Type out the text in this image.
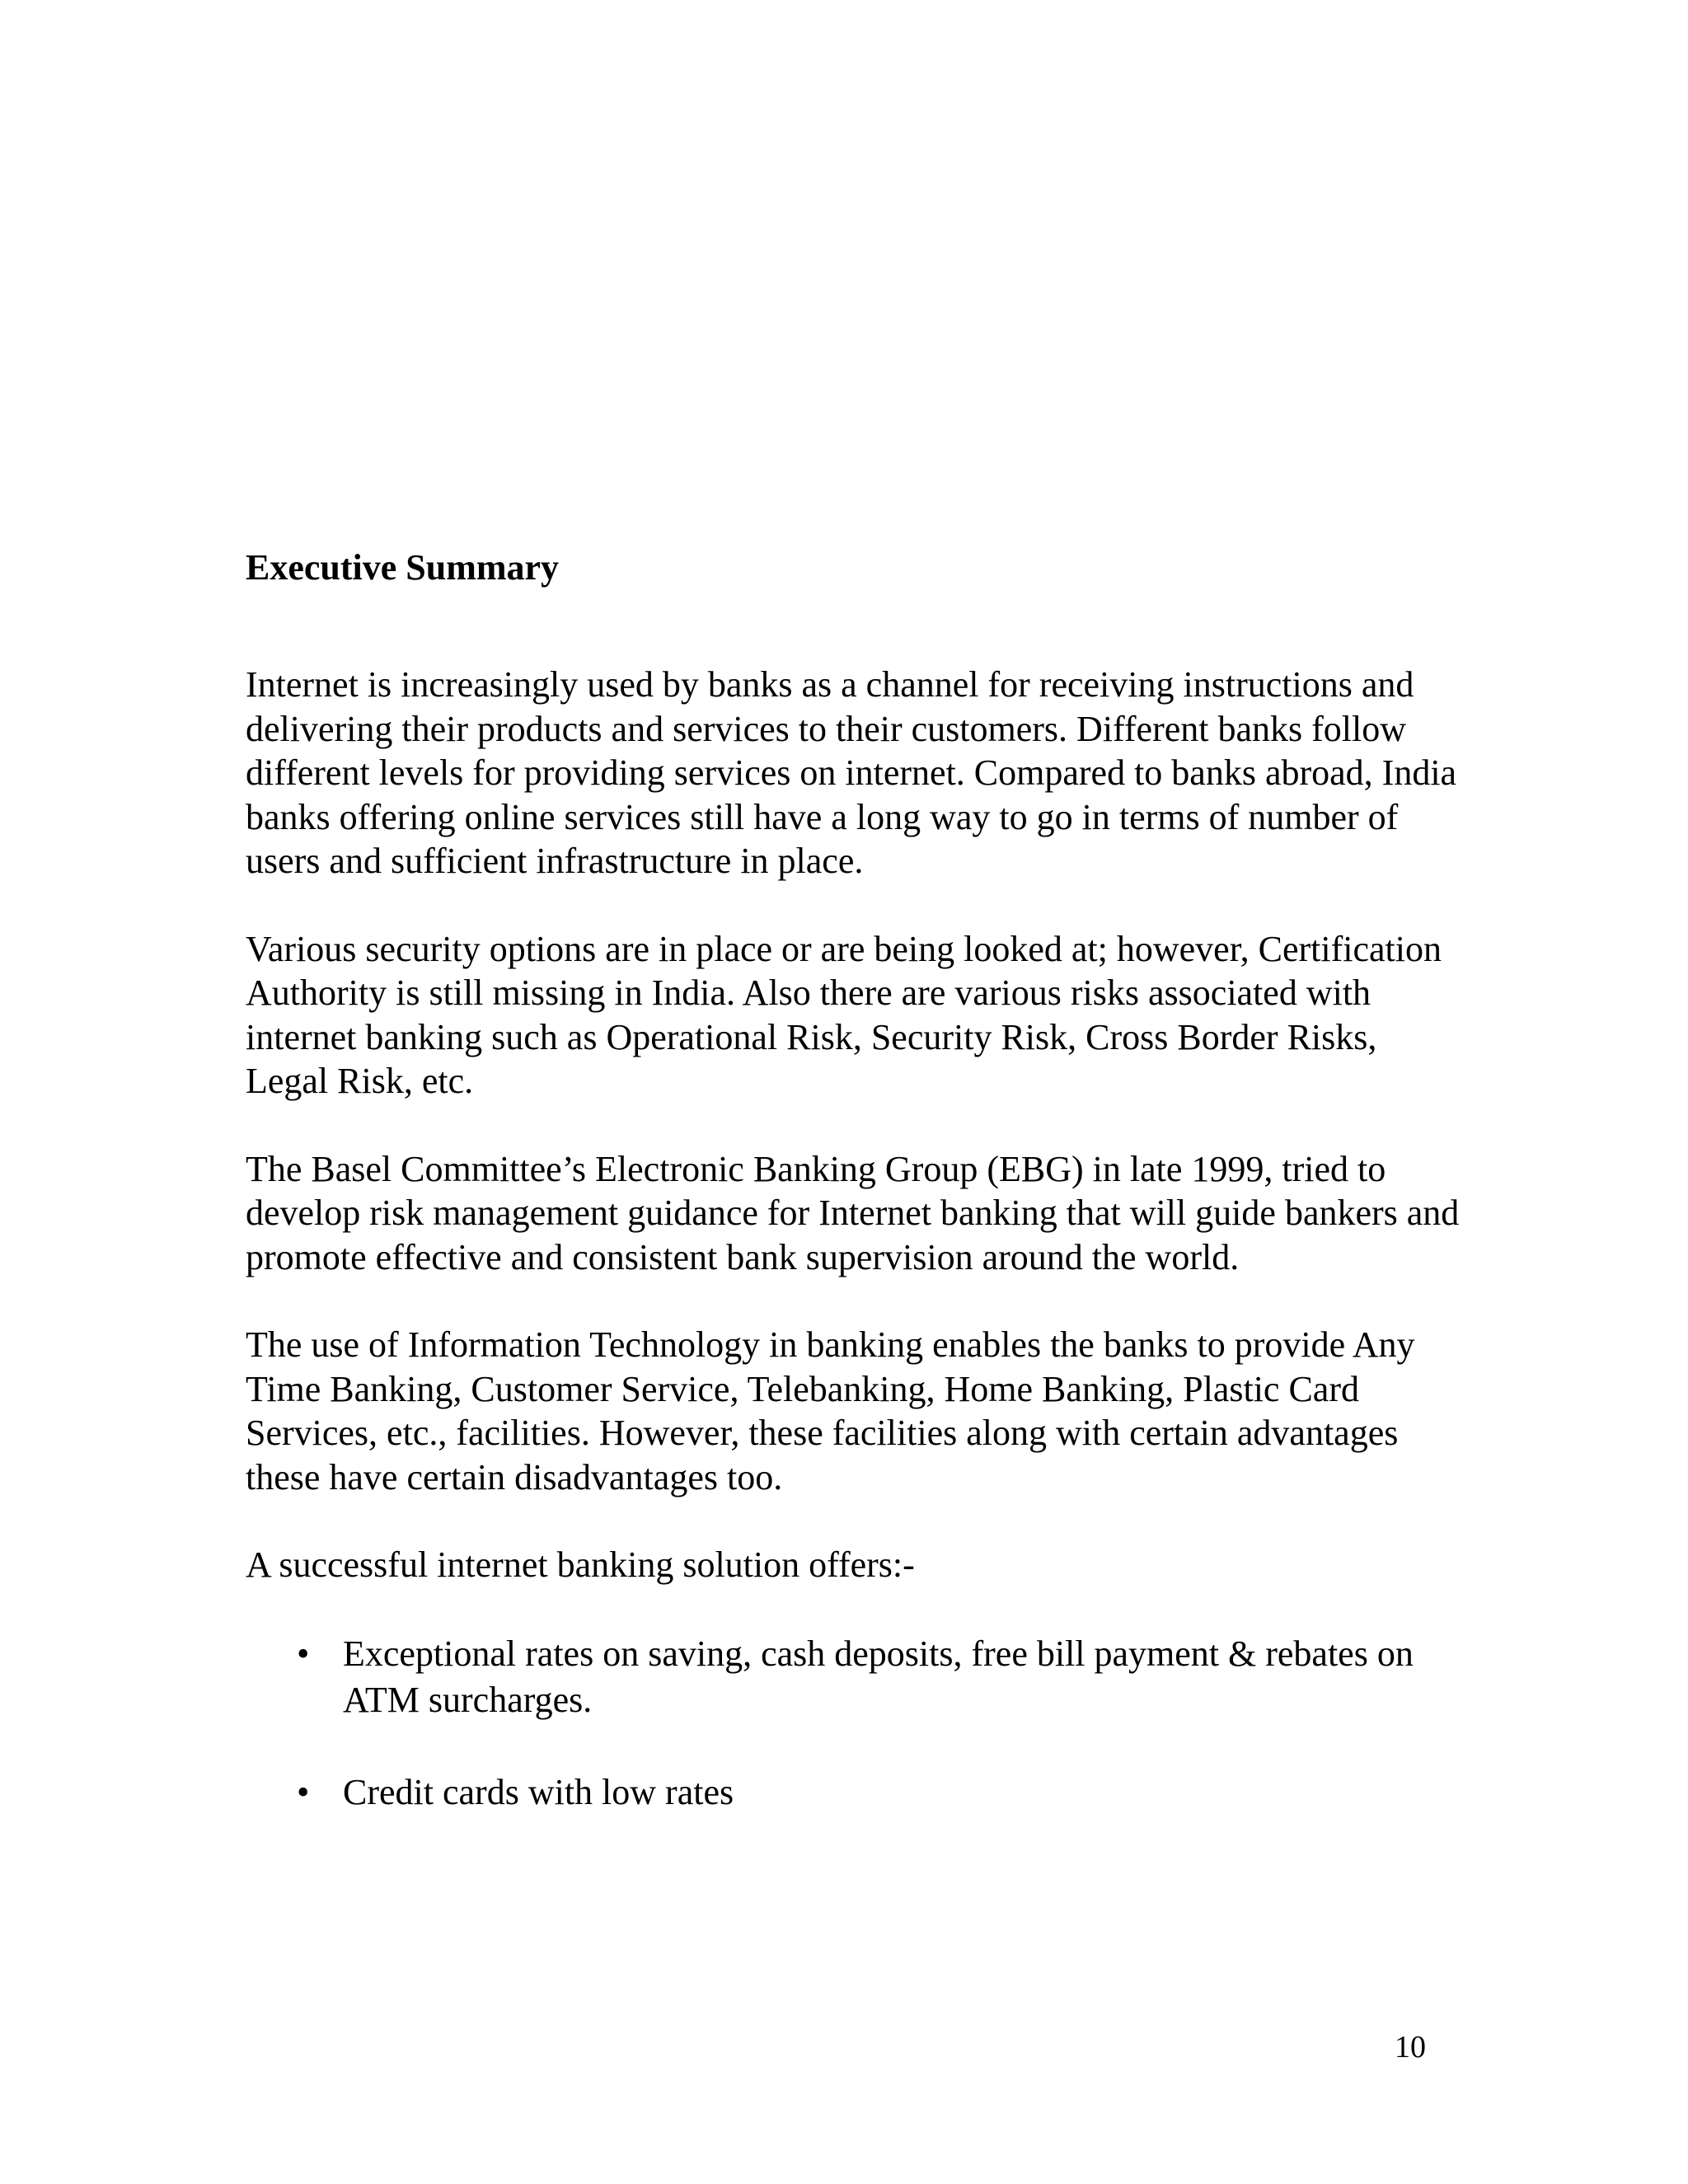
Executive Summary

Internet is increasingly used by banks as a channel for receiving instructions and delivering their products and services to their customers. Different banks follow different levels for providing services on internet. Compared to banks abroad, India banks offering online services still have a long way to go in terms of number of users and sufficient infrastructure in place.

Various security options are in place or are being looked at; however, Certification Authority is still missing in India. Also there are various risks associated with internet banking such as Operational Risk, Security Risk, Cross Border Risks, Legal Risk, etc.

The Basel Committee’s Electronic Banking Group (EBG) in late 1999, tried to develop risk management guidance for Internet banking that will guide bankers and promote effective and consistent bank supervision around the world.

The use of Information Technology in banking enables the banks to provide Any Time Banking, Customer Service, Telebanking, Home Banking, Plastic Card Services, etc., facilities. However, these facilities along with certain advantages these have certain disadvantages too.

A successful internet banking solution offers:-

• Exceptional rates on saving, cash deposits, free bill payment & rebates on ATM surcharges.
• Credit cards with low rates
10
